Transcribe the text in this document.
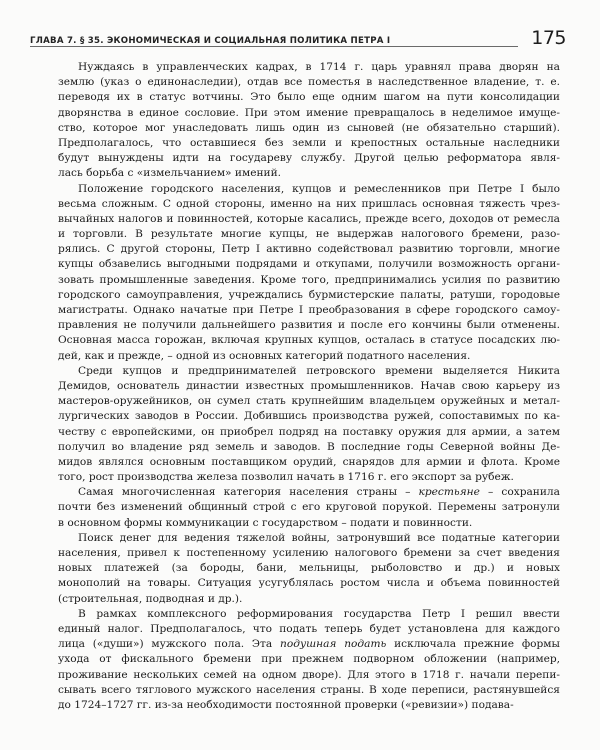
ГЛАВА 7. § 35. ЭКОНОМИЧЕСКАЯ И СОЦИАЛЬНАЯ ПОЛИТИКА ПЕТРА I	175
Нуждаясь в управленческих кадрах, в 1714 г. царь уравнял права дворян на
землю (указ о единонаследии), отдав все поместья в наследственное владение, т. е.
переводя их в статус вотчины. Это было еще одним шагом на пути консолидации
дворянства в единое сословие. При этом имение превращалось в неделимое имуще-
ство, которое мог унаследовать лишь один из сыновей (не обязательно старший).
Предполагалось, что оставшиеся без земли и крепостных остальные наследники
будут вынуждены идти на государеву службу. Другой целью реформатора явля-
лась борьба с «измельчанием» имений.
Положение городского населения, купцов и ремесленников при Петре I было
весьма сложным. С одной стороны, именно на них пришлась основная тяжесть чрез-
вычайных налогов и повинностей, которые касались, прежде всего, доходов от ремесла
и торговли. В результате многие купцы, не выдержав налогового бремени, разо-
рялись. С другой стороны, Петр I активно содействовал развитию торговли, многие
купцы обзавелись выгодными подрядами и откупами, получили возможность органи-
зовать промышленные заведения. Кроме того, предпринимались усилия по развитию
городского самоуправления, учреждались бурмистерские палаты, ратуши, городовые
магистраты. Однако начатые при Петре I преобразования в сфере городского самоу-
правления не получили дальнейшего развития и после его кончины были отменены.
Основная масса горожан, включая крупных купцов, осталась в статусе посадских лю-
дей, как и прежде, – одной из основных категорий податного населения.
Среди купцов и предпринимателей петровского времени выделяется Никита
Демидов, основатель династии известных промышленников. Начав свою карьеру из
мастеров-оружейников, он сумел стать крупнейшим владельцем оружейных и метал-
лургических заводов в России. Добившись производства ружей, сопоставимых по ка-
честву с европейскими, он приобрел подряд на поставку оружия для армии, а затем
получил во владение ряд земель и заводов. В последние годы Северной войны Де-
мидов являлся основным поставщиком орудий, снарядов для армии и флота. Кроме
того, рост производства железа позволил начать в 1716 г. его экспорт за рубеж.
Самая многочисленная категория населения страны – крестьяне – сохранила
почти без изменений общинный строй с его круговой порукой. Перемены затронули
в основном формы коммуникации с государством – подати и повинности.
Поиск денег для ведения тяжелой войны, затронувший все податные категории
населения, привел к постепенному усилению налогового бремени за счет введения
новых платежей (за бороды, бани, мельницы, рыболовство и др.) и новых
монополий на товары. Ситуация усугублялась ростом числа и объема повинностей
(строительная, подводная и др.).
В рамках комплексного реформирования государства Петр I решил ввести
единый налог. Предполагалось, что подать теперь будет установлена для каждого
лица («души») мужского пола. Эта подушная подать исключала прежние формы
ухода от фискального бремени при прежнем подворном обложении (например,
проживание нескольких семей на одном дворе). Для этого в 1718 г. начали перепи-
сывать всего тяглового мужского населения страны. В ходе переписи, растянувшейся
до 1724–1727 гг. из-за необходимости постоянной проверки («ревизии») подава-
